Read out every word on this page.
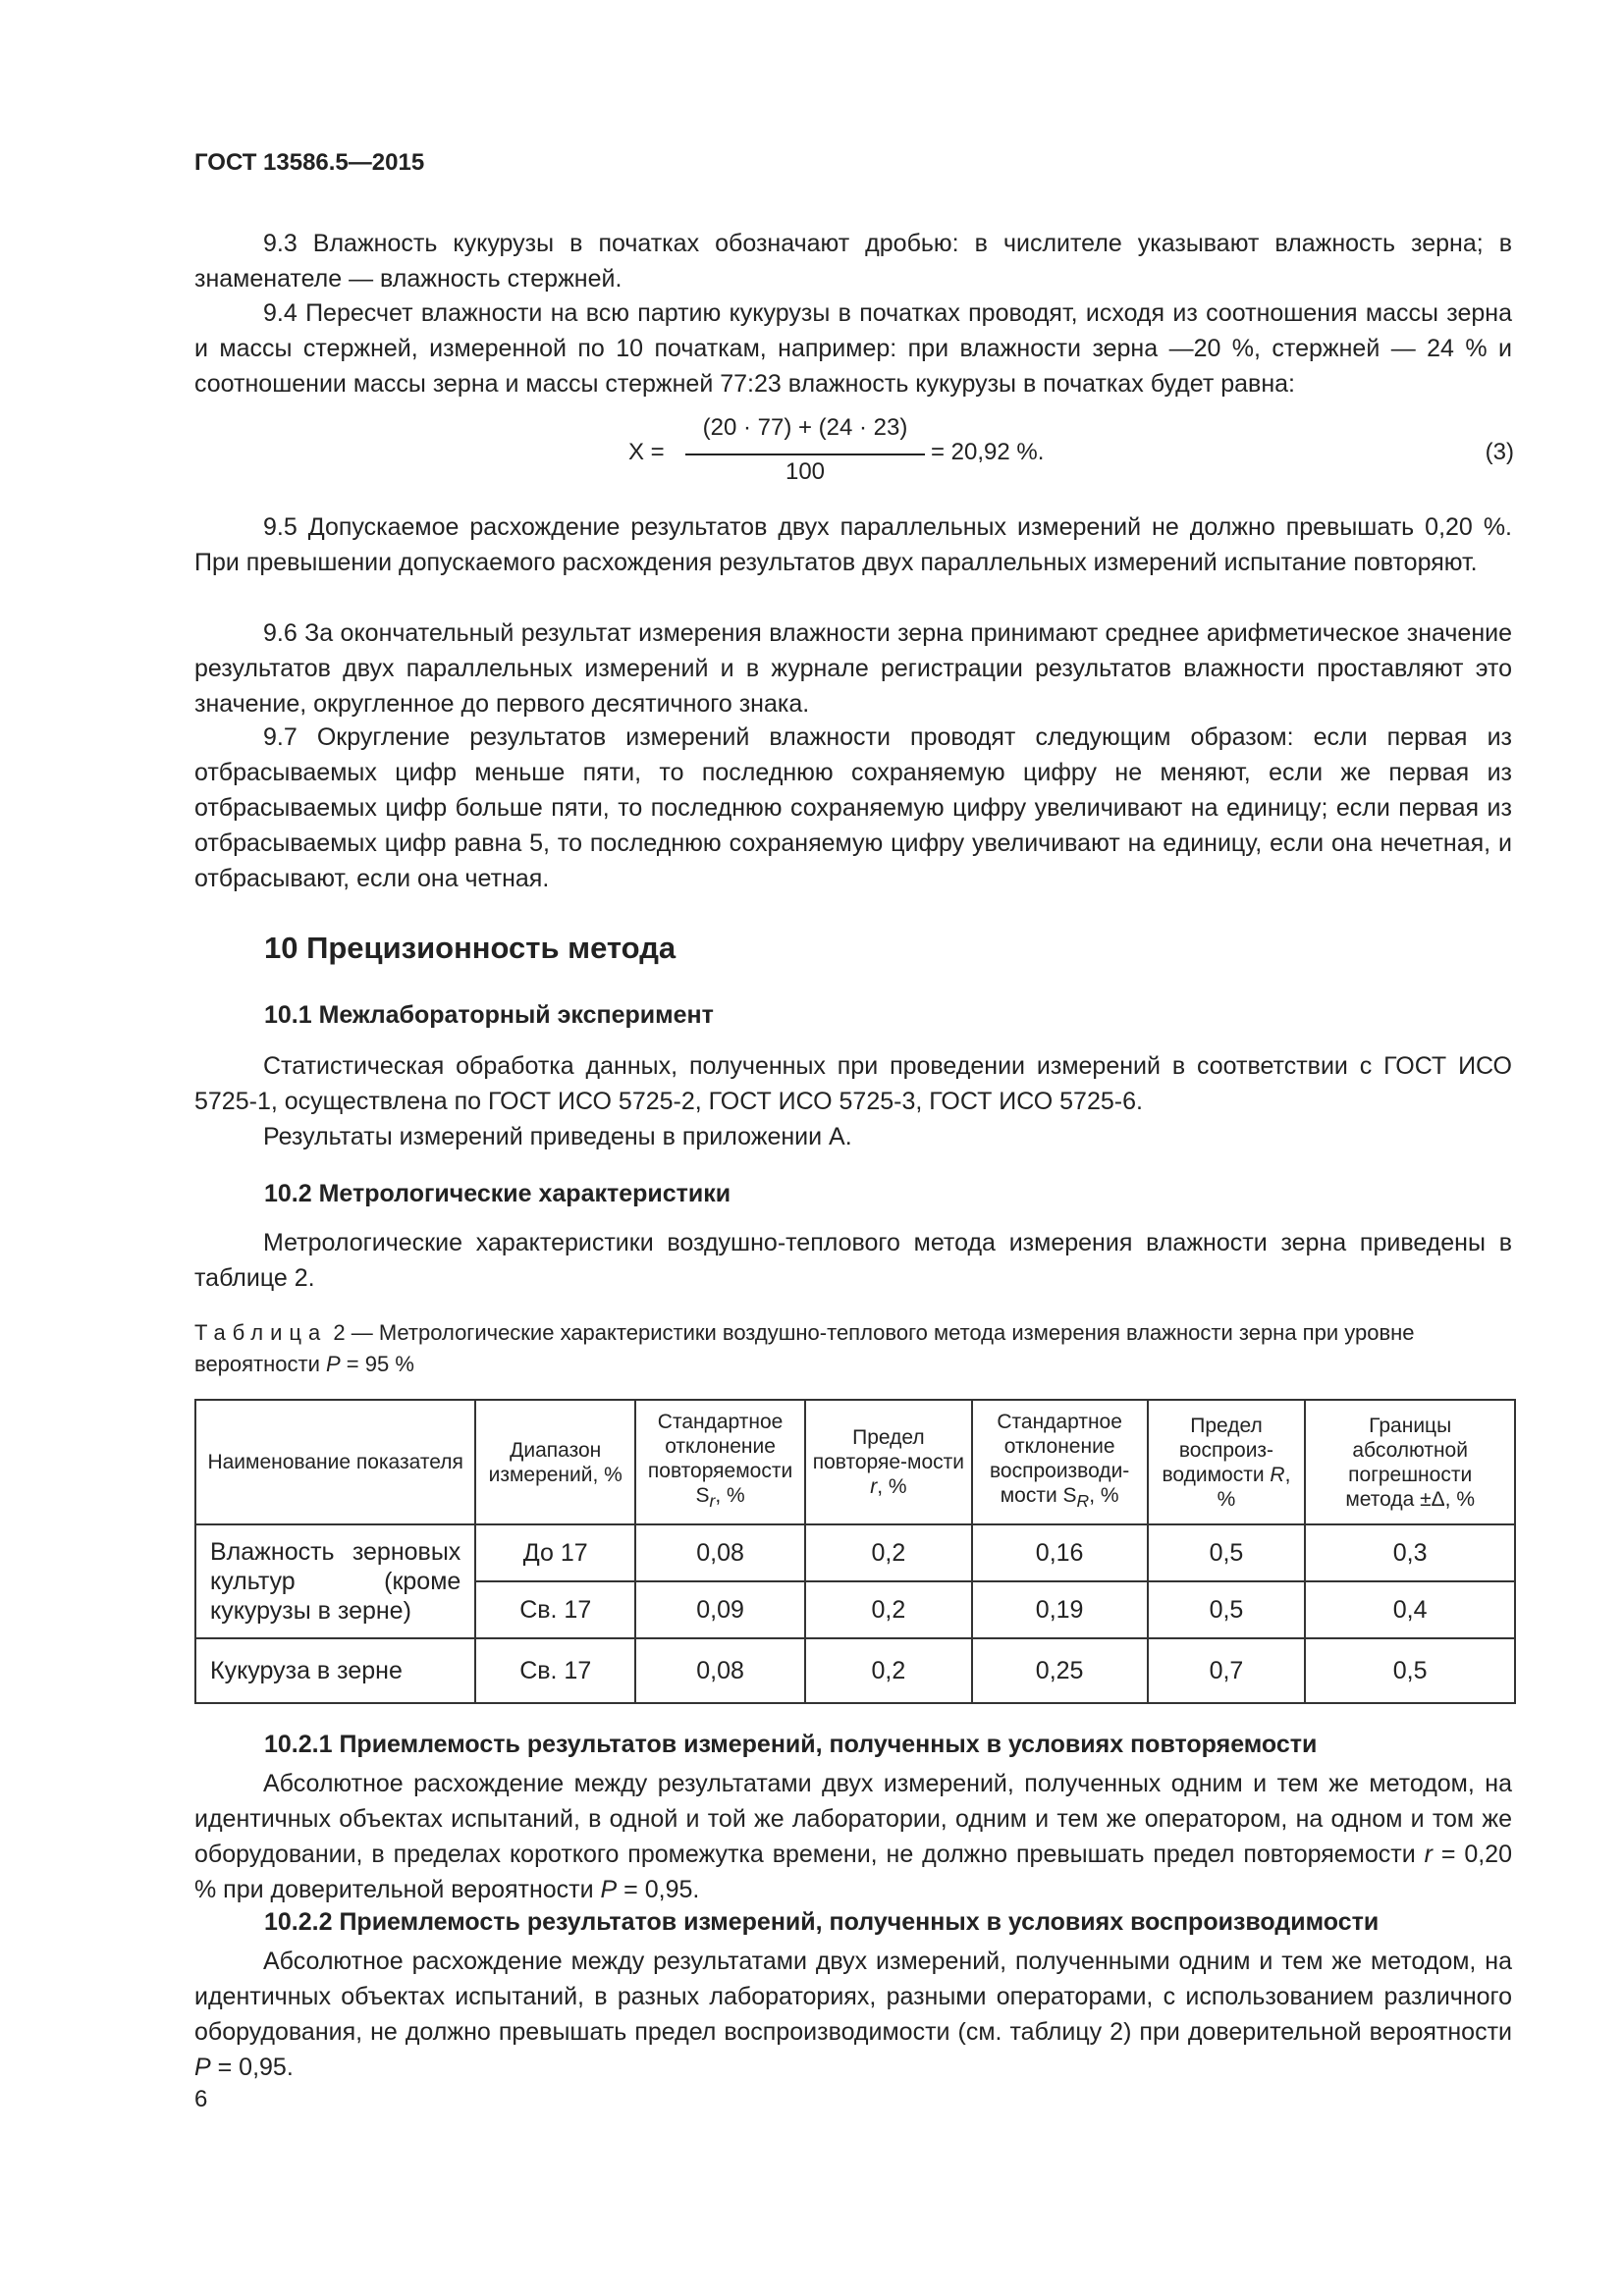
ГОСТ 13586.5—2015

9.3 Влажность кукурузы в початках обозначают дробью: в числителе указывают влажность зерна; в знаменателе — влажность стержней.

9.4 Пересчет влажности на всю партию кукурузы в початках проводят, исходя из соотношения массы зерна и массы стержней, измеренной по 10 початкам, например: при влажности зерна —20 %, стержней — 24 % и соотношении массы зерна и массы стержней 77:23 влажность кукурузы в початках будет равна:

X =
(20 · 77) + (24 · 23)
100
= 20,92 %.	(3)

9.5 Допускаемое расхождение результатов двух параллельных измерений не должно превышать 0,20 %. При превышении допускаемого расхождения результатов двух параллельных измерений испытание повторяют.

9.6 За окончательный результат измерения влажности зерна принимают среднее арифметическое значение результатов двух параллельных измерений и в журнале регистрации результатов влажности проставляют это значение, округленное до первого десятичного знака.

9.7 Округление результатов измерений влажности проводят следующим образом: если первая из отбрасываемых цифр меньше пяти, то последнюю сохраняемую цифру не меняют, если же первая из отбрасываемых цифр больше пяти, то последнюю сохраняемую цифру увеличивают на единицу; если первая из отбрасываемых цифр равна 5, то последнюю сохраняемую цифру увеличивают на единицу, если она нечетная, и отбрасывают, если она четная.

10 Прецизионность метода
10.1 Межлабораторный эксперимент

Статистическая обработка данных, полученных при проведении измерений в соответствии с ГОСТ ИСО 5725-1, осуществлена по ГОСТ ИСО 5725-2, ГОСТ ИСО 5725-3, ГОСТ ИСО 5725-6.

Результаты измерений приведены в приложении А.

10.2 Метрологические характеристики

Метрологические характеристики воздушно-теплового метода измерения влажности зерна приведены в таблице 2.

Таблица 2 — Метрологические характеристики воздушно-теплового метода измерения влажности зерна при уровне вероятности P = 95 %

Наименование показателя	Диапазон измерений, %	Стандартное отклонение повторяемости $S_r$, %	Предел повторяе-мости r, %	Стандартное отклонение воспроизводи-мости $S_R$, %	Предел воспроиз-водимости R, %	Границы абсолютной погрешности метода ±Δ, %
Влажность зерновых культур (кроме кукурузы в зерне)	До 17	0,08	0,2	0,16	0,5	0,3
	Св. 17	0,09	0,2	0,19	0,5	0,4
Кукуруза в зерне	Св. 17	0,08	0,2	0,25	0,7	0,5
10.2.1 Приемлемость результатов измерений, полученных в условиях повторяемости

Абсолютное расхождение между результатами двух измерений, полученных одним и тем же методом, на идентичных объектах испытаний, в одной и той же лаборатории, одним и тем же оператором, на одном и том же оборудовании, в пределах короткого промежутка времени, не должно превышать предел повторяемости r = 0,20 % при доверительной вероятности P = 0,95.

10.2.2 Приемлемость результатов измерений, полученных в условиях воспроизводимости

Абсолютное расхождение между результатами двух измерений, полученными одним и тем же методом, на идентичных объектах испытаний, в разных лабораториях, разными операторами, с использованием различного оборудования, не должно превышать предел воспроизводимости (см. таблицу 2) при доверительной вероятности P = 0,95.

6
